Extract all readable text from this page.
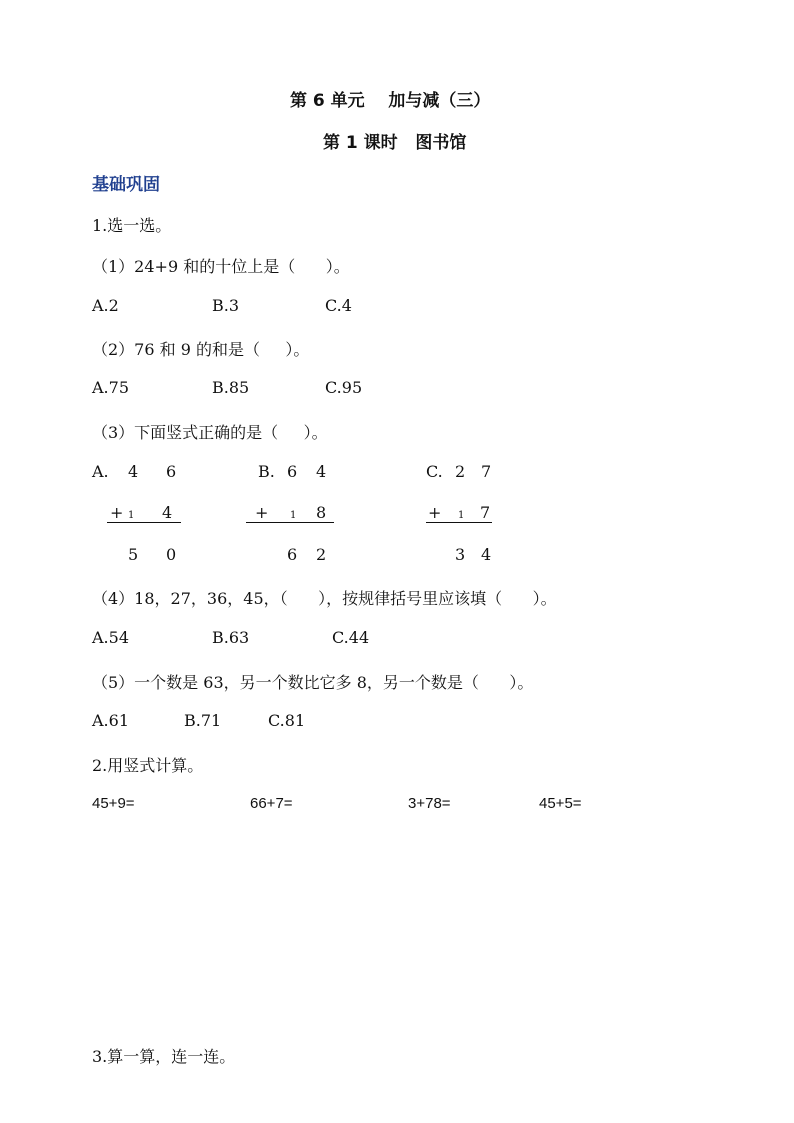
第 6 单元    加与减（三）
第 1 课时   图书馆
基础巩固
1.选一选。
（1）24+9 和的十位上是（      ）。
A.2	B.3	C.4
（2）76 和 9 的和是（     ）。
A.75	B.85	C.95
（3）下面竖式正确的是（     ）。
A. 4 6
+ 1 4
5 0
B. 6 4
+ 1 8
6 2
C. 2 7
+ 1 7
3 4
（4）18，27，36，45，（      ），按规律括号里应该填（      ）。
A.54	B.63	C.44
（5）一个数是 63，另一个数比它多 8，另一个数是（      ）。
A.61	B.71	C.81
2.用竖式计算。
45+9=	66+7=	3+78=	45+5=
3.算一算，连一连。
